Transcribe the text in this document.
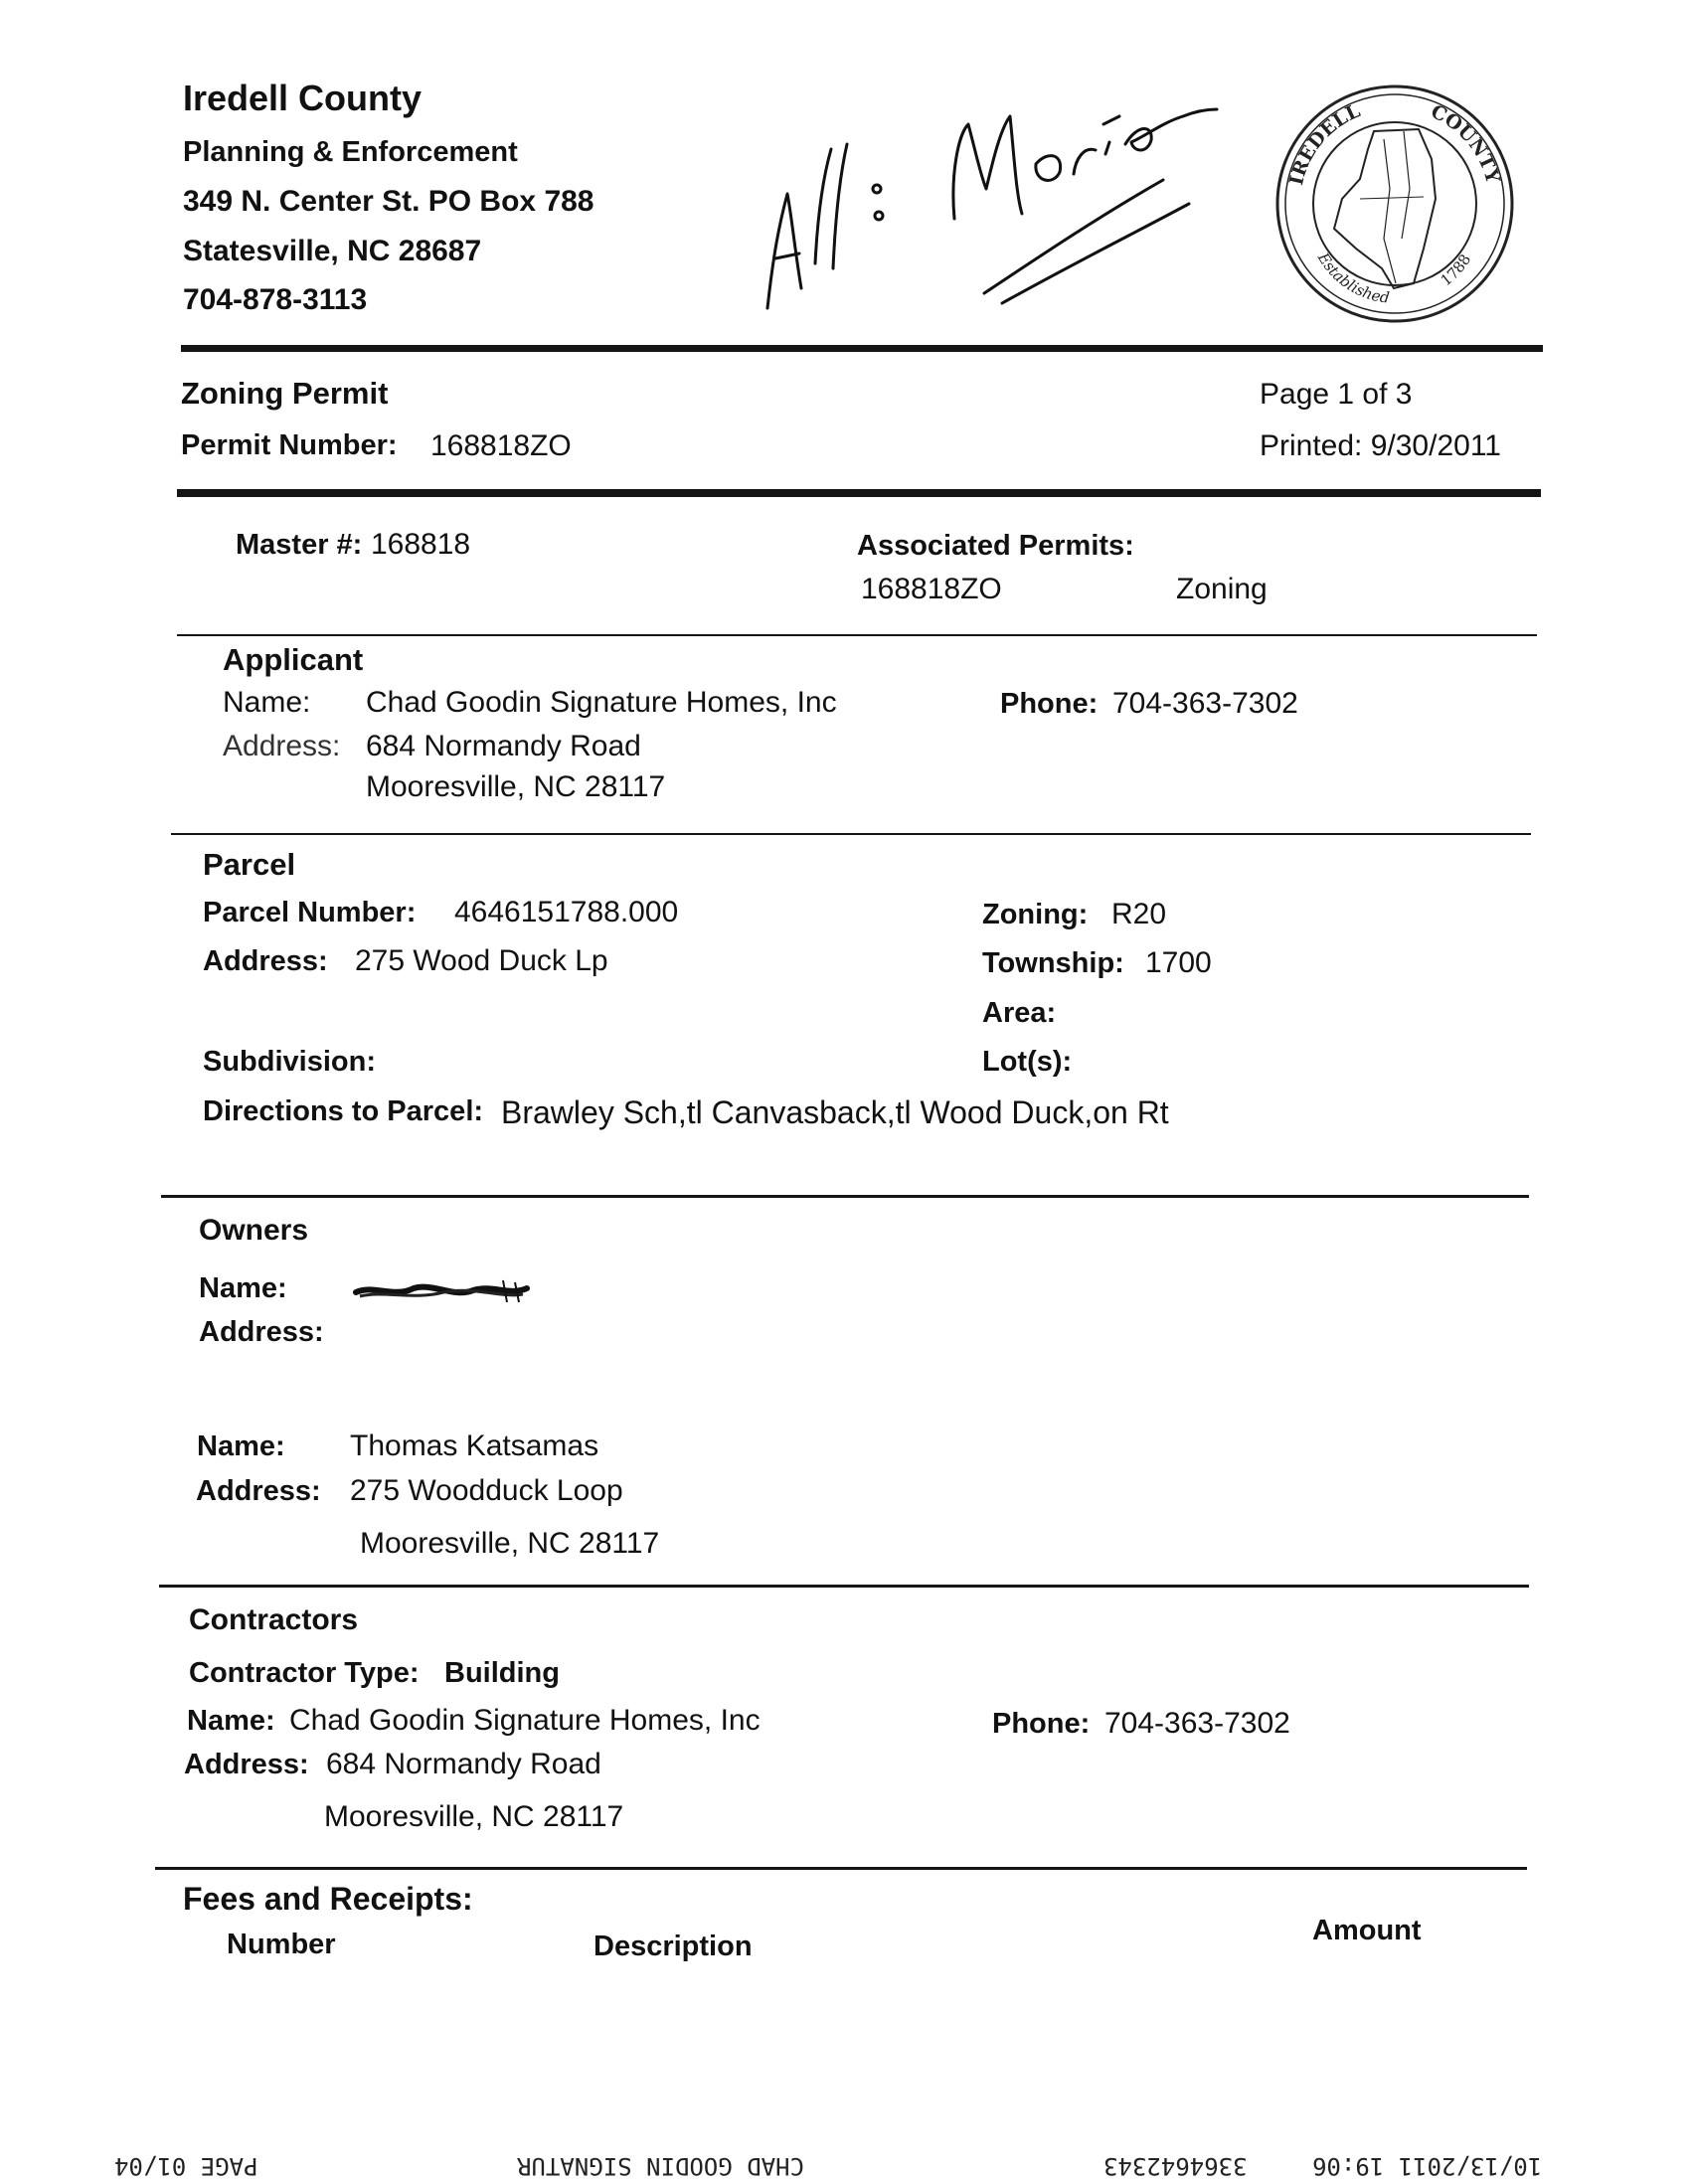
Iredell County
Planning & Enforcement
349 N. Center St. PO Box 788
Statesville, NC 28687
704-878-3113
IREDELL	COUNTY
Established
1788
Zoning Permit
Permit Number: 168818ZO
Page 1 of 3
Printed: 9/30/2011
Master #: 168818	Associated Permits:
168818ZO	Zoning
Applicant
Name: Chad Goodin Signature Homes, Inc
Address: 684 Normandy Road
Mooresville, NC 28117
Phone: 704-363-7302
Parcel
Parcel Number: 4646151788.000
Address: 275 Wood Duck Lp
Zoning: R20
Township: 1700
Area:
Subdivision:	Lot(s):
Directions to Parcel: Brawley Sch,tl Canvasback,tl Wood Duck,on Rt
Owners
Name:
Address:
Name: Thomas Katsamas
Address: 275 Woodduck Loop
Mooresville, NC 28117
Contractors
Contractor Type: Building
Name: Chad Goodin Signature Homes, Inc
Address: 684 Normandy Road
Mooresville, NC 28117
Phone: 704-363-7302
Fees and Receipts:
Number	Description	Amount
10/13/2011 19:06
3364642343
CHAD GOODIN SIGNATUR
PAGE 01/04
